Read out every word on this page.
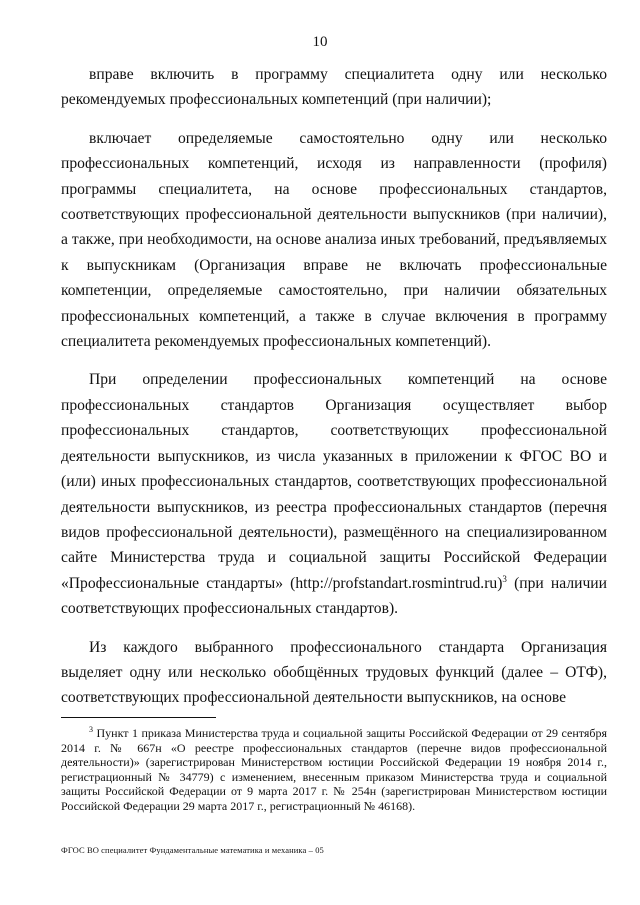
10

вправе включить в программу специалитета одну или несколько рекомендуемых профессиональных компетенций (при наличии);

включает определяемые самостоятельно одну или несколько профессиональных компетенций, исходя из направленности (профиля) программы специалитета, на основе профессиональных стандартов, соответствующих профессиональной деятельности выпускников (при наличии), а также, при необходимости, на основе анализа иных требований, предъявляемых к выпускникам (Организация вправе не включать профессиональные компетенции, определяемые самостоятельно, при наличии обязательных профессиональных компетенций, а также в случае включения в программу специалитета рекомендуемых профессиональных компетенций).

При определении профессиональных компетенций на основе профессиональных стандартов Организация осуществляет выбор профессиональных стандартов, соответствующих профессиональной деятельности выпускников, из числа указанных в приложении к ФГОС ВО и (или) иных профессиональных стандартов, соответствующих профессиональной деятельности выпускников, из реестра профессиональных стандартов (перечня видов профессиональной деятельности), размещённого на специализированном сайте Министерства труда и социальной защиты Российской Федерации «Профессиональные стандарты» (http://profstandart.rosmintrud.ru)$^3$ (при наличии соответствующих профессиональных стандартов).

Из каждого выбранного профессионального стандарта Организация выделяет одну или несколько обобщённых трудовых функций (далее – ОТФ), соответствующих профессиональной деятельности выпускников, на основе

$^3$ Пункт 1 приказа Министерства труда и социальной защиты Российской Федерации от 29 сентября 2014 г. № 667н «О реестре профессиональных стандартов (перечне видов профессиональной деятельности)» (зарегистрирован Министерством юстиции Российской Федерации 19 ноября 2014 г., регистрационный № 34779) с изменением, внесенным приказом Министерства труда и социальной защиты Российской Федерации от 9 марта 2017 г. № 254н (зарегистрирован Министерством юстиции Российской Федерации 29 марта 2017 г., регистрационный № 46168).

ФГОС ВО специалитет Фундаментальные математика и механика – 05
